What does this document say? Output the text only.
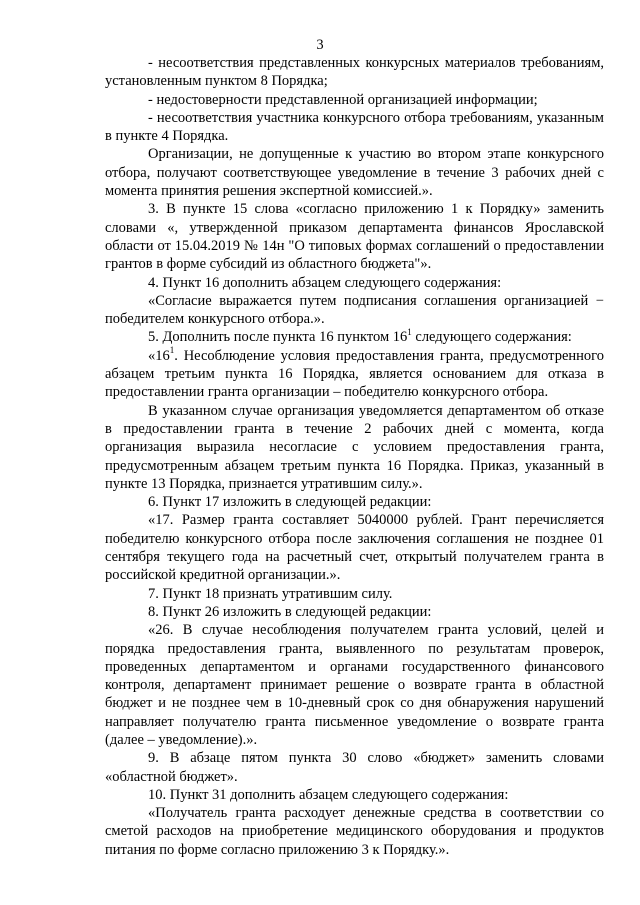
3

- несоответствия представленных конкурсных материалов требованиям, установленным пунктом 8 Порядка;

- недостоверности представленной организацией информации;

- несоответствия участника конкурсного отбора требованиям, указанным в пункте 4 Порядка.

Организации, не допущенные к участию во втором этапе конкурсного отбора, получают соответствующее уведомление в течение 3 рабочих дней с момента принятия решения экспертной комиссией.».

3. В пункте 15 слова «согласно приложению 1 к Порядку» заменить словами «, утвержденной приказом департамента финансов Ярославской области от 15.04.2019 № 14н "О типовых формах соглашений о предоставлении грантов в форме субсидий из областного бюджета"».

4. Пункт 16 дополнить абзацем следующего содержания:

«Согласие выражается путем подписания соглашения организацией − победителем конкурсного отбора.».

5. Дополнить после пункта 16 пунктом $16^1$ следующего содержания:

«$16^1$. Несоблюдение условия предоставления гранта, предусмотренного абзацем третьим пункта 16 Порядка, является основанием для отказа в предоставлении гранта организации – победителю конкурсного отбора.

В указанном случае организация уведомляется департаментом об отказе в предоставлении гранта в течение 2 рабочих дней с момента, когда организация выразила несогласие с условием предоставления гранта, предусмотренным абзацем третьим пункта 16 Порядка. Приказ, указанный в пункте 13 Порядка, признается утратившим силу.».

6. Пункт 17 изложить в следующей редакции:

«17. Размер гранта составляет 5040000 рублей. Грант перечисляется победителю конкурсного отбора после заключения соглашения не позднее 01 сентября текущего года на расчетный счет, открытый получателем гранта в российской кредитной организации.».

7. Пункт 18 признать утратившим силу.

8. Пункт 26 изложить в следующей редакции:

«26. В случае несоблюдения получателем гранта условий, целей и порядка предоставления гранта, выявленного по результатам проверок, проведенных департаментом и органами государственного финансового контроля, департамент принимает решение о возврате гранта в областной бюджет и не позднее чем в 10-дневный срок со дня обнаружения нарушений направляет получателю гранта письменное уведомление о возврате гранта (далее – уведомление).».

9. В абзаце пятом пункта 30 слово «бюджет» заменить словами «областной бюджет».

10. Пункт 31 дополнить абзацем следующего содержания:

«Получатель гранта расходует денежные средства в соответствии со сметой расходов на приобретение медицинского оборудования и продуктов питания по форме согласно приложению 3 к Порядку.».
